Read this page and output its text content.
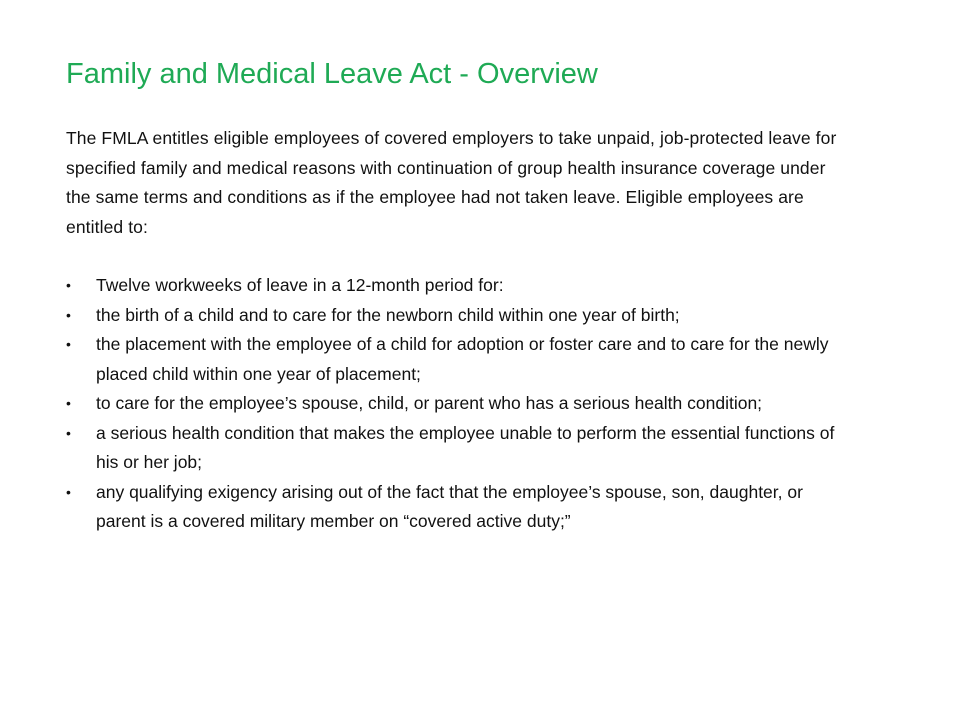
Family and Medical Leave Act - Overview

The FMLA entitles eligible employees of covered employers to take unpaid, job-protected leave for specified family and medical reasons with continuation of group health insurance coverage under the same terms and conditions as if the employee had not taken leave. Eligible employees are entitled to:

•	Twelve workweeks of leave in a 12-month period for:
•	the birth of a child and to care for the newborn child within one year of birth;
•	the placement with the employee of a child for adoption or foster care and to care for the newly placed child within one year of placement;
•	to care for the employee’s spouse, child, or parent who has a serious health condition;
•	a serious health condition that makes the employee unable to perform the essential functions of his or her job;
•	any qualifying exigency arising out of the fact that the employee’s spouse, son, daughter, or parent is a covered military member on “covered active duty;”
